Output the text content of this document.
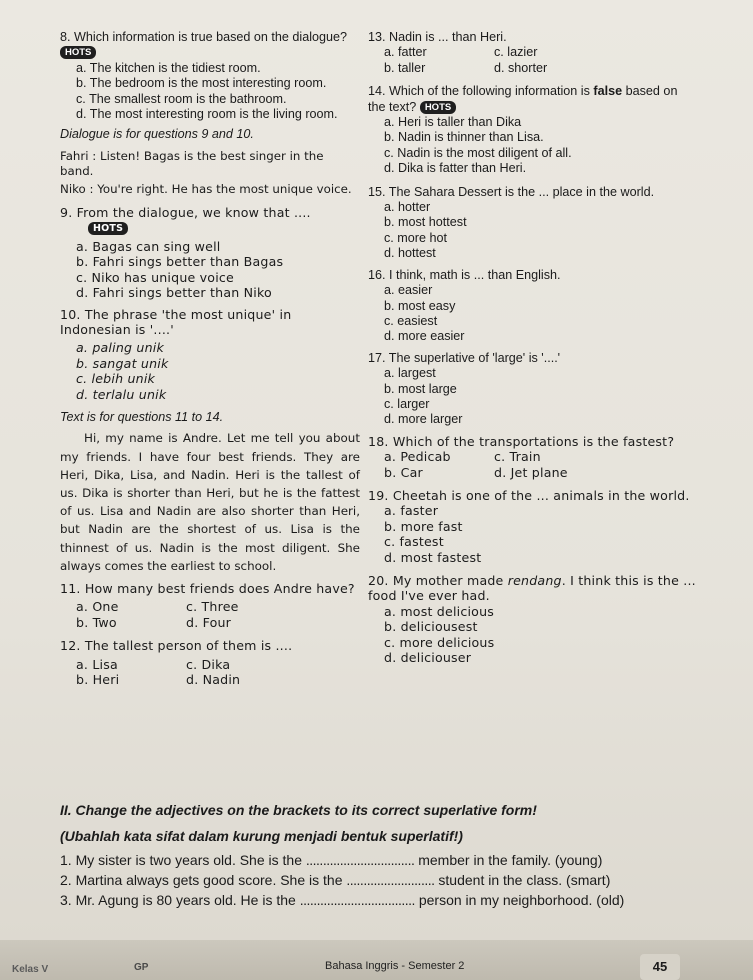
8. Which information is true based on the dialogue? HOTS
a. The kitchen is the tidiest room.
b. The bedroom is the most interesting room.
c. The smallest room is the bathroom.
d. The most interesting room is the living room.
Dialogue is for questions 9 and 10.
Fahri : Listen! Bagas is the best singer in the band.
Niko : You're right. He has the most unique voice.
9. From the dialogue, we know that ....
HOTS
a. Bagas can sing well
b. Fahri sings better than Bagas
c. Niko has unique voice
d. Fahri sings better than Niko
10. The phrase 'the most unique' in Indonesian is '....'
a. paling unik
b. sangat unik
c. lebih unik
d. terlalu unik
Text is for questions 11 to 14.
Hi, my name is Andre. Let me tell you about my friends. I have four best friends. They are Heri, Dika, Lisa, and Nadin. Heri is the tallest of us. Dika is shorter than Heri, but he is the fattest of us. Lisa and Nadin are also shorter than Heri, but Nadin are the shortest of us. Lisa is the thinnest of us. Nadin is the most diligent. She always comes the earliest to school.
11. How many best friends does Andre have?
a. One	c. Three
b. Two	d. Four
12. The tallest person of them is ....
a. Lisa	c. Dika
b. Heri	d. Nadin
13. Nadin is ... than Heri.
a. fatter	c. lazier
b. taller	d. shorter
14. Which of the following information is false based on the text? HOTS
a. Heri is taller than Dika
b. Nadin is thinner than Lisa.
c. Nadin is the most diligent of all.
d. Dika is fatter than Heri.
15. The Sahara Dessert is the ... place in the world.
a. hotter
b. most hottest
c. more hot
d. hottest
16. I think, math is ... than English.
a. easier
b. most easy
c. easiest
d. more easier
17. The superlative of 'large' is '....'
a. largest
b. most large
c. larger
d. more larger
18. Which of the transportations is the fastest?
a. Pedicab	c. Train
b. Car	d. Jet plane
19. Cheetah is one of the ... animals in the world.
a. faster
b. more fast
c. fastest
d. most fastest
20. My mother made rendang. I think this is the ... food I've ever had.
a. most delicious
b. deliciousest
c. more delicious
d. deliciouser
II. Change the adjectives on the brackets to its correct superlative form!
(Ubahlah kata sifat dalam kurung menjadi bentuk superlatif!)
1. My sister is two years old. She is the ................................ member in the family. (young)
2. Martina always gets good score. She is the .......................... student in the class. (smart)
3. Mr. Agung is 80 years old. He is the .................................. person in my neighborhood. (old)
Kelas V	GP	Bahasa Inggris - Semester 2	45
